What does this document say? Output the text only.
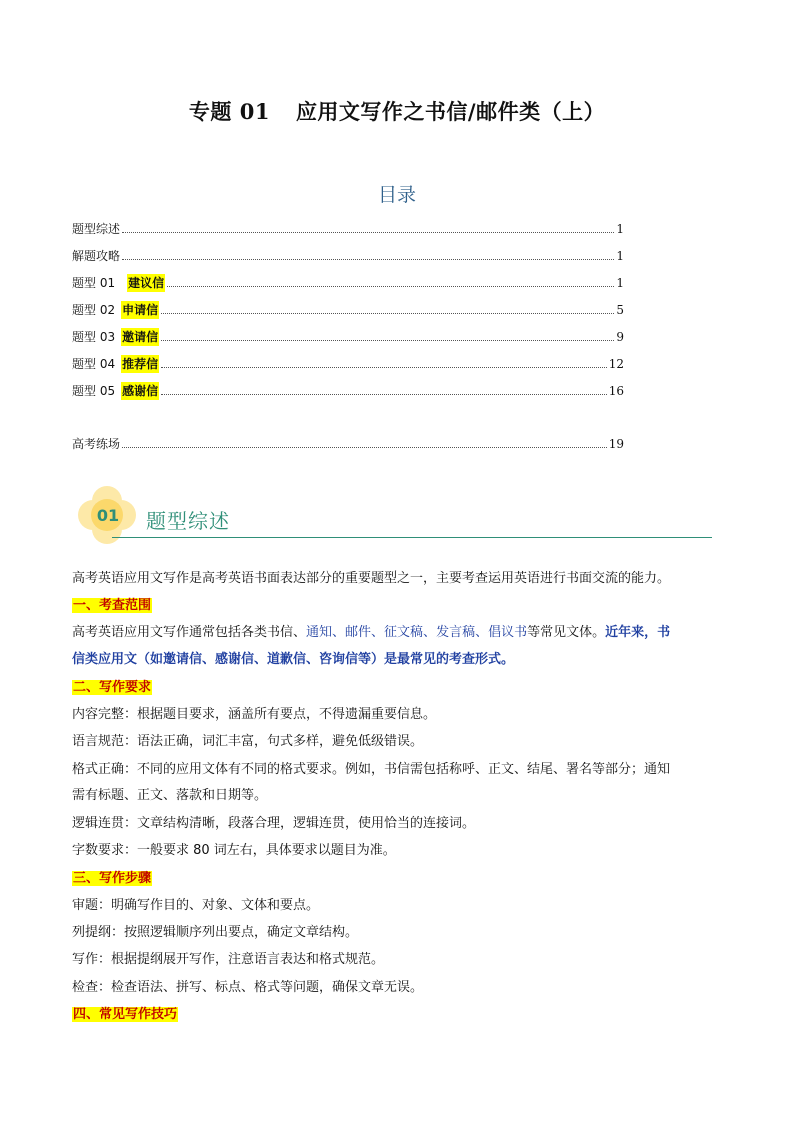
专题 01 应用文写作之书信/邮件类（上）
目录
题型综述	1
解题攻略	1
题型 01 建议信	1
题型 02 申请信	5
题型 03 邀请信	9
题型 04 推荐信	12
题型 05 感谢信	16
高考练场	19
01 题型综述
高考英语应用文写作是高考英语书面表达部分的重要题型之一，主要考查运用英语进行书面交流的能力。
一、考查范围
高考英语应用文写作通常包括各类书信、通知、邮件、征文稿、发言稿、倡议书等常见文体。近年来，书
信类应用文（如邀请信、感谢信、道歉信、咨询信等）是最常见的考查形式。
二、写作要求
内容完整：根据题目要求，涵盖所有要点，不得遗漏重要信息。
语言规范：语法正确，词汇丰富，句式多样，避免低级错误。
格式正确：不同的应用文体有不同的格式要求。例如，书信需包括称呼、正文、结尾、署名等部分；通知
需有标题、正文、落款和日期等。
逻辑连贯：文章结构清晰，段落合理，逻辑连贯，使用恰当的连接词。
字数要求：一般要求 80 词左右，具体要求以题目为准。
三、写作步骤
审题：明确写作目的、对象、文体和要点。
列提纲：按照逻辑顺序列出要点，确定文章结构。
写作：根据提纲展开写作，注意语言表达和格式规范。
检查：检查语法、拼写、标点、格式等问题，确保文章无误。
四、常见写作技巧
